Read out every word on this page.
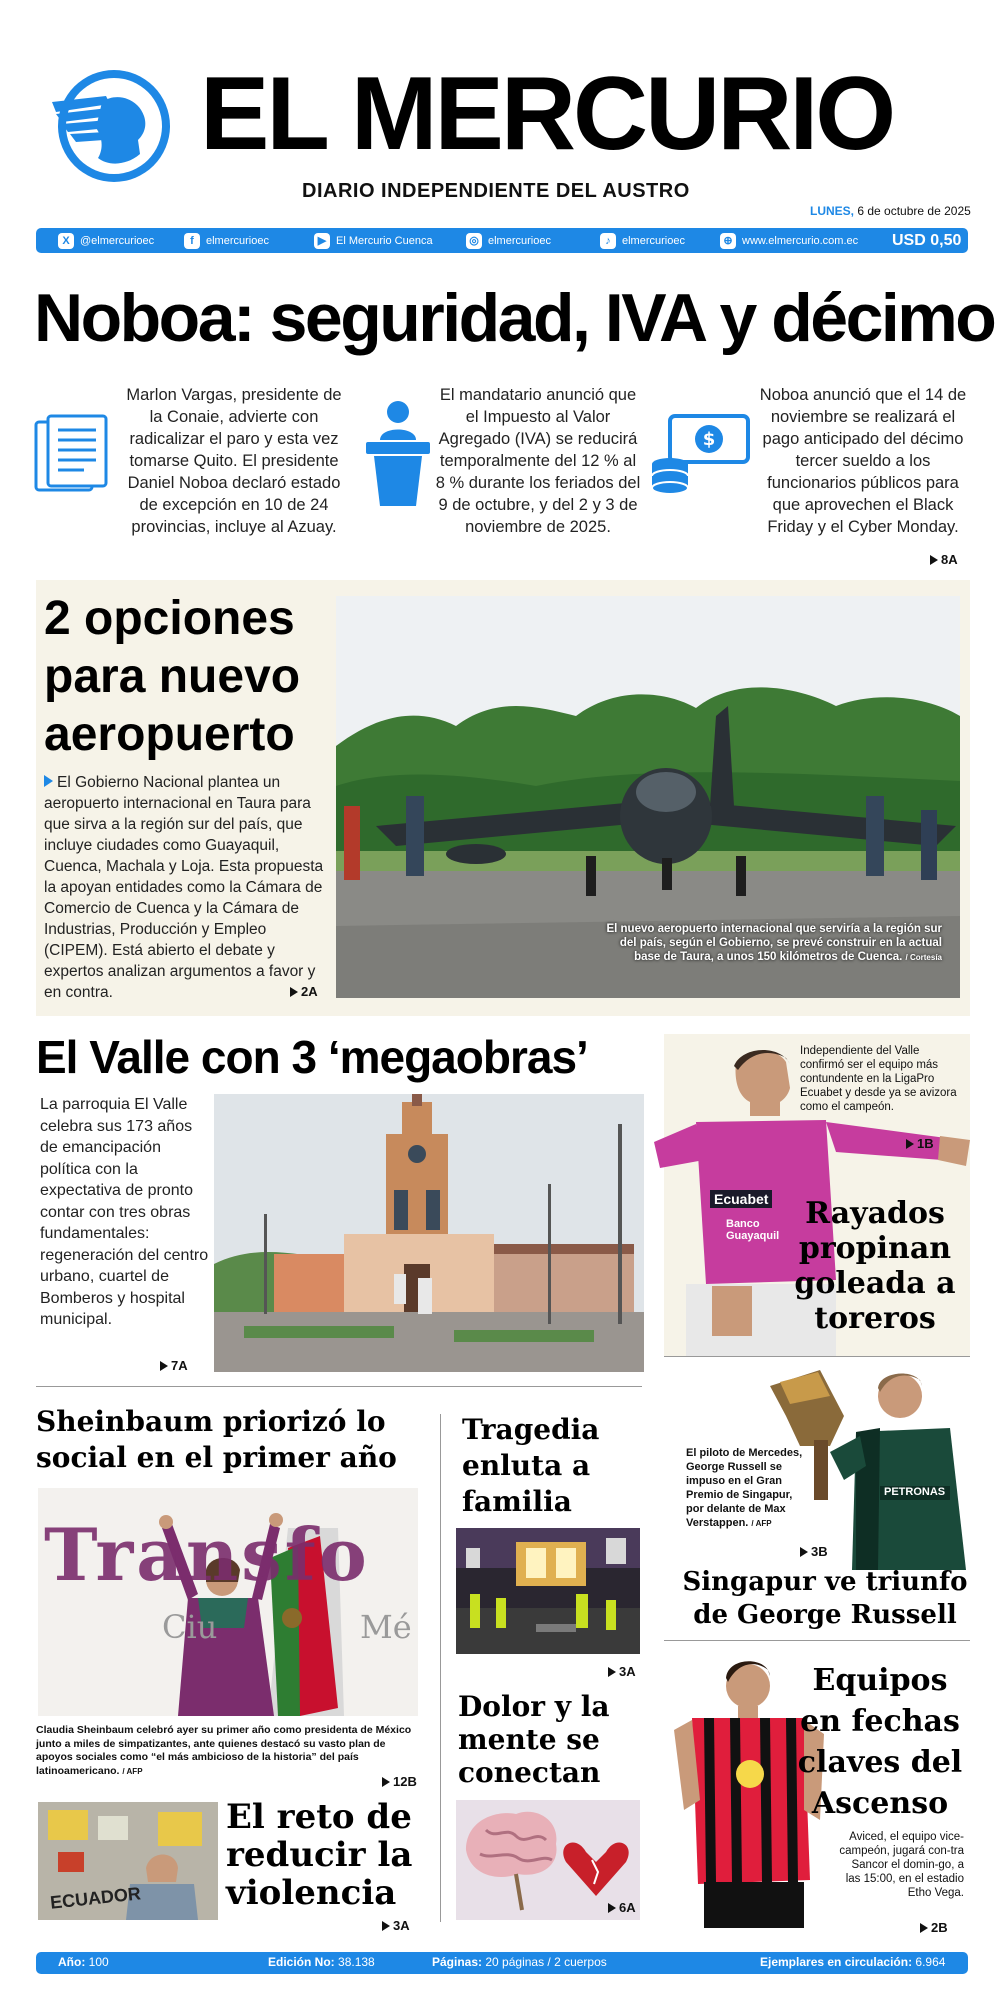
EL MERCURIO
DIARIO INDEPENDIENTE DEL AUSTRO
LUNES, 6 de octubre de 2025
X @elmercurioec	f	elmercurioec	▶ El Mercurio Cuenca	◎ elmercurioec	♪	elmercurioec	⊕ www.elmercurio.com.ec USD 0,50
Noboa: seguridad, IVA y décimo
Marlon Vargas, presidente de la Conaie, advierte con radicalizar el paro y esta vez tomarse Quito. El presidente Daniel Noboa declaró estado de excepción en 10 de 24 provincias, incluye al Azuay.
El mandatario anunció que el Impuesto al Valor Agregado (IVA) se reducirá temporalmente del 12 % al 8 % durante los feriados del 9 de octubre, y del 2 y 3 de noviembre de 2025.
$
Noboa anunció que el 14 de noviembre se realizará el pago anticipado del décimo tercer sueldo a los funcionarios públicos para que aprovechen el Black Friday y el Cyber Monday.
8A
2 opciones para nuevo aeropuerto
El Gobierno Nacional plantea un aeropuerto internacional en Taura para que sirva a la región sur del país, que incluye ciudades como Guayaquil, Cuenca, Machala y Loja. Esta propuesta la apoyan entidades como la Cámara de Comercio de Cuenca y la Cámara de Industrias, Producción y Empleo (CIPEM). Está abierto el debate y expertos analizan argumentos a favor y en contra.	2A
El nuevo aeropuerto internacional que serviría a la región sur del país, según el Gobierno, se prevé construir en la actual base de Taura, a unos 150 kilómetros de Cuenca. / Cortesía
El Valle con 3 ‘megaobras’
La parroquia El Valle celebra sus 173 años de emancipación política con la expectativa de pronto contar con tres obras fundamentales: regeneración del centro urbano, cuartel de Bomberos y hospital municipal.
7A
Ecuabet
Banco Guayaquil
Independiente del Valle confirmó ser el equipo más contundente en la LigaPro Ecuabet y desde ya se avizora como el campeón.
1B
Rayados propinan goleada a toreros
Sheinbaum priorizó lo social en el primer año
Transfo
Ciu	Mé
Claudia Sheinbaum celebró ayer su primer año como presidenta de México junto a miles de simpatizantes, ante quienes destacó su vasto plan de apoyos sociales como “el más ambicioso de la historia” del país latinoamericano. / AFP
12B
ECUADOR
El reto de reducir la violencia
3A
Tragedia enluta a familia
3A
Dolor y la mente se conectan
6A
PETRONAS
El piloto de Mercedes, George Russell se impuso en el Gran Premio de Singapur, por delante de Max Verstappen. / AFP
3B
Singapur ve triunfo de George Russell
Equipos en fechas claves del Ascenso
Aviced, el equipo vice-campeón, jugará con-tra Sancor el domin-go, a las 15:00, en el estadio Etho Vega.
2B
Año: 100	Edición No: 38.138	Páginas: 20 páginas / 2 cuerpos	Ejemplares en circulación: 6.964
